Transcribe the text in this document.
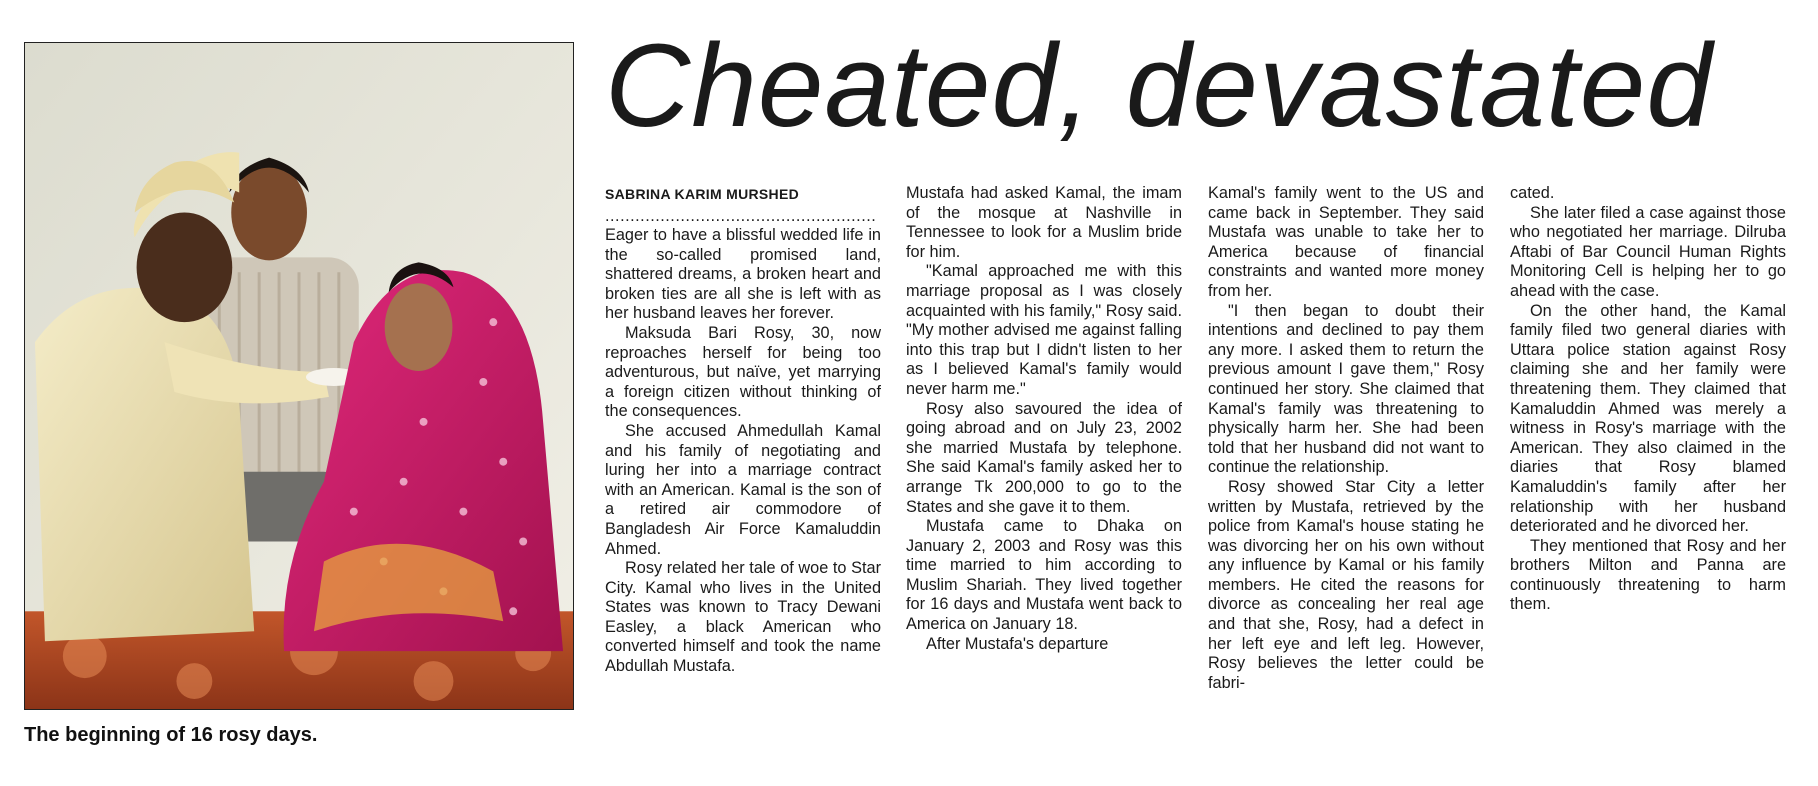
The beginning of 16 rosy days.
Cheated, devastated
SABRINA KARIM MURSHED
......................................................

Eager to have a blissful wedded life in the so-called promised land, shattered dreams, a broken heart and broken ties are all she is left with as her husband leaves her forever.

Maksuda Bari Rosy, 30, now reproaches herself for being too adventurous, but naïve, yet marrying a foreign citizen without thinking of the consequences.

She accused Ahmedullah Kamal and his family of negotiating and luring her into a marriage contract with an American. Kamal is the son of a retired air commodore of Bangladesh Air Force Kamaluddin Ahmed.

Rosy related her tale of woe to Star City. Kamal who lives in the United States was known to Tracy Dewani Easley, a black American who converted himself and took the name Abdullah Mustafa.

Mustafa had asked Kamal, the imam of the mosque at Nashville in Tennessee to look for a Muslim bride for him.

"Kamal approached me with this marriage proposal as I was closely acquainted with his family," Rosy said. "My mother advised me against falling into this trap but I didn't listen to her as I believed Kamal's family would never harm me."

Rosy also savoured the idea of going abroad and on July 23, 2002 she married Mustafa by telephone. She said Kamal's family asked her to arrange Tk 200,000 to go to the States and she gave it to them.

Mustafa came to Dhaka on January 2, 2003 and Rosy was this time married to him according to Muslim Shariah. They lived together for 16 days and Mustafa went back to America on January 18.

After Mustafa's departure

Kamal's family went to the US and came back in September. They said Mustafa was unable to take her to America because of financial constraints and wanted more money from her.

"I then began to doubt their intentions and declined to pay them any more. I asked them to return the previous amount I gave them," Rosy continued her story. She claimed that Kamal's family was threatening to physically harm her. She had been told that her husband did not want to continue the relationship.

Rosy showed Star City a letter written by Mustafa, retrieved by the police from Kamal's house stating he was divorcing her on his own without any influence by Kamal or his family members. He cited the reasons for divorce as concealing her real age and that she, Rosy, had a defect in her left eye and left leg. However, Rosy believes the letter could be fabri-

cated.

She later filed a case against those who negotiated her marriage. Dilruba Aftabi of Bar Council Human Rights Monitoring Cell is helping her to go ahead with the case.

On the other hand, the Kamal family filed two general diaries with Uttara police station against Rosy claiming she and her family were threatening them. They claimed that Kamaluddin Ahmed was merely a witness in Rosy's marriage with the American. They also claimed in the diaries that Rosy blamed Kamaluddin's family after her relationship with her husband deteriorated and he divorced her.

They mentioned that Rosy and her brothers Milton and Panna are continuously threatening to harm them.
